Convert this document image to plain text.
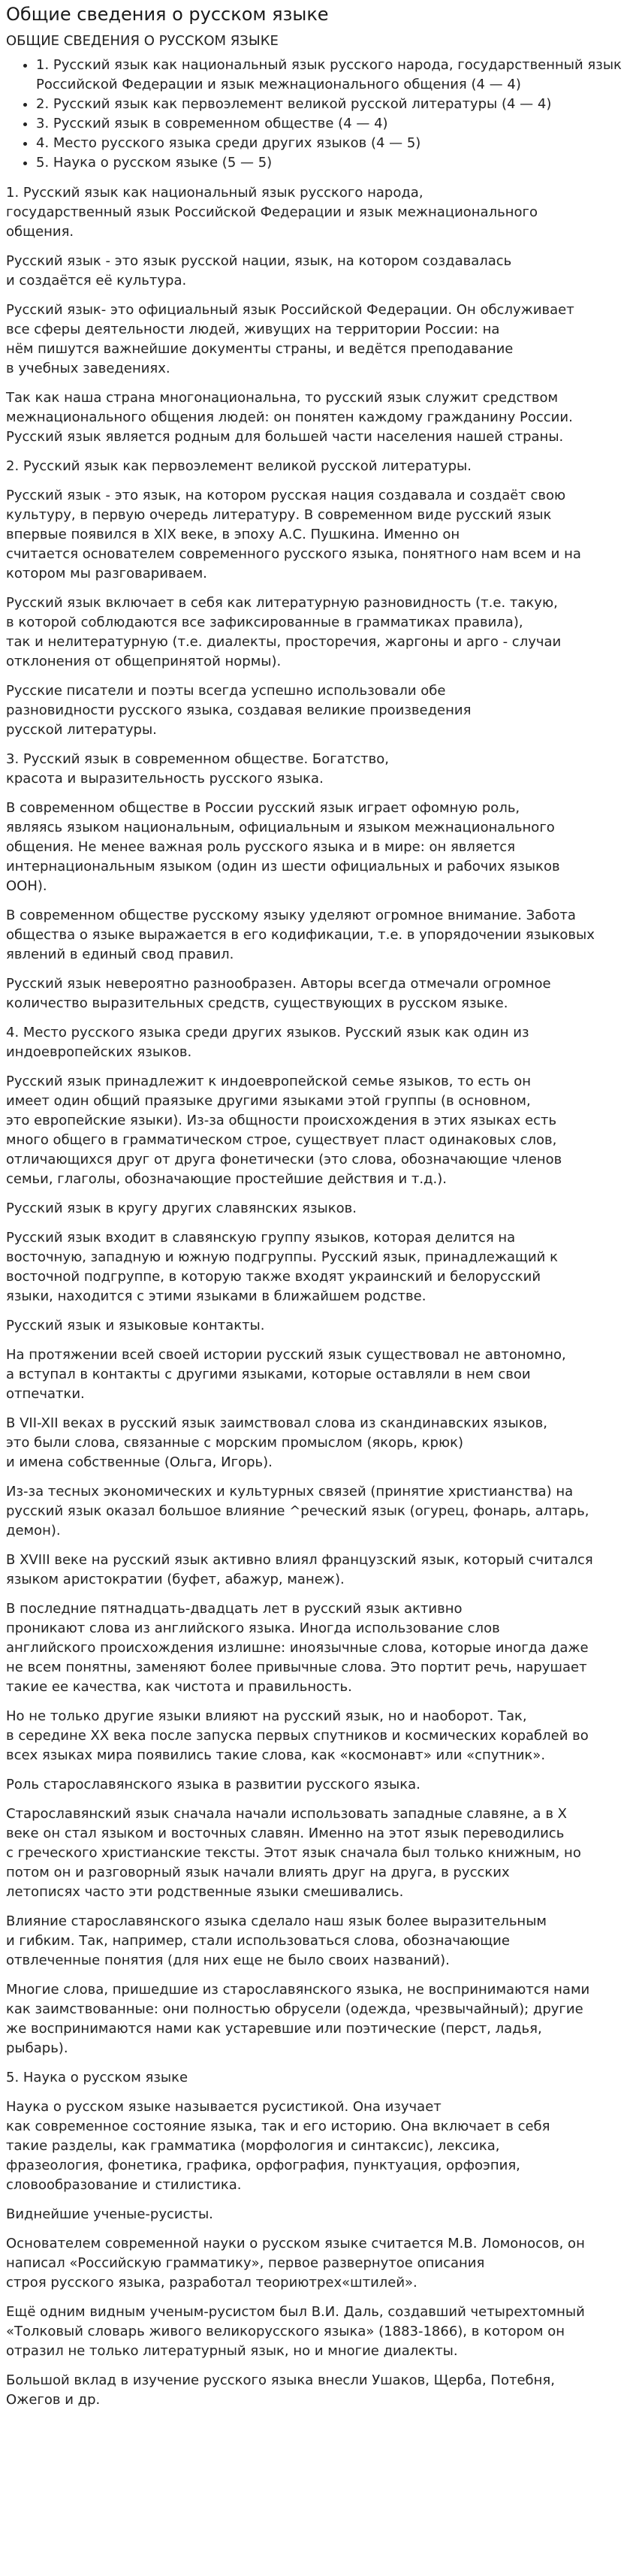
Общие сведения о русском языке
ОБЩИЕ СВЕДЕНИЯ О РУССКОМ ЯЗЫКЕ
• 1. Русский язык как национальный язык русского народа, государственный язык Российской Федерации и язык межнационального общения (4 — 4)
• 2. Русский язык как первоэлемент великой русской литературы (4 — 4)
• 3. Русский язык в современном обществе (4 — 4)
• 4. Место русского языка среди других языков (4 — 5)
• 5. Наука о русском языке (5 — 5)

1. Русский язык как национальный язык русского народа,
государственный язык Российской Федерации и язык межнационального
общения.

Русский язык - это язык русской нации, язык, на котором создавалась
и создаётся её культура.

Русский язык- это официальный язык Российской Федерации. Он обслуживает
все сферы деятельности людей, живущих на территории России: на
нём пишутся важнейшие документы страны, и ведётся преподавание
в учебных заведениях.

Так как наша страна многонациональна, то русский язык служит средством
межнационального общения людей: он понятен каждому гражданину России.
Русский язык является родным для большей части населения нашей страны.

2. Русский язык как первоэлемент великой русской литературы.

Русский язык - это язык, на котором русская нация создавала и создаёт свою
культуру, в первую очередь литературу. В современном виде русский язык
впервые появился в XIX веке, в эпоху А.С. Пушкина. Именно он
считается основателем современного русского языка, понятного нам всем и на
котором мы разговариваем.

Русский язык включает в себя как литературную разновидность (т.е. такую,
в которой соблюдаются все зафиксированные в грамматиках правила),
так и нелитературную (т.е. диалекты, просторечия, жаргоны и арго - случаи
отклонения от общепринятой нормы).

Русские писатели и поэты всегда успешно использовали обе
разновидности русского языка, создавая великие произведения
русской литературы.

3. Русский язык в современном обществе. Богатство,
красота и выразительность русского языка.

В современном обществе в России русский язык играет офомную роль,
являясь языком национальным, официальным и языком межнационального
общения. Не менее важная роль русского языка и в мире: он является
интернациональным языком (один из шести официальных и рабочих языков
ООН).

В современном обществе русскому языку уделяют огромное внимание. Забота
общества о языке выражается в его кодификации, т.е. в упорядочении языковых
явлений в единый свод правил.

Русский язык невероятно разнообразен. Авторы всегда отмечали огромное
количество выразительных средств, существующих в русском языке.

4. Место русского языка среди других языков. Русский язык как один из
индоевропейских языков.

Русский язык принадлежит к индоевропейской семье языков, то есть он
имеет один общий праязыке другими языками этой группы (в основном,
это европейские языки). Из-за общности происхождения в этих языках есть
много общего в грамматическом строе, существует пласт одинаковых слов,
отличающихся друг от друга фонетически (это слова, обозначающие членов
семьи, глаголы, обозначающие простейшие действия и т.д.).

Русский язык в кругу других славянских языков.

Русский язык входит в славянскую группу языков, которая делится на
восточную, западную и южную подгруппы. Русский язык, принадлежащий к
восточной подгруппе, в которую также входят украинский и белорусский
языки, находится с этими языками в ближайшем родстве.

Русский язык и языковые контакты.

На протяжении всей своей истории русский язык существовал не автономно,
а вступал в контакты с другими языками, которые оставляли в нем свои
отпечатки.

В VII-XII веках в русский язык заимствовал слова из скандинавских языков,
это были слова, связанные с морским промыслом (якорь, крюк)
и имена собственные (Ольга, Игорь).

Из-за тесных экономических и культурных связей (принятие христианства) на
русский язык оказал большое влияние ^реческий язык (огурец, фонарь, алтарь,
демон).

В XVIII веке на русский язык активно влиял французский язык, который считался
языком аристократии (буфет, абажур, манеж).

В последние пятнадцать-двадцать лет в русский язык активно
проникают слова из английского языка. Иногда использование слов
английского происхождения излишне: иноязычные слова, которые иногда даже
не всем понятны, заменяют более привычные слова. Это портит речь, нарушает
такие ее качества, как чистота и правильность.

Но не только другие языки влияют на русский язык, но и наоборот. Так,
в середине XX века после запуска первых спутников и космических кораблей во
всех языках мира появились такие слова, как «космонавт» или «спутник».

Роль старославянского языка в развитии русского языка.

Старославянский язык сначала начали использовать западные славяне, а в X
веке он стал языком и восточных славян. Именно на этот язык переводились
с греческого христианские тексты. Этот язык сначала был только книжным, но
потом он и разговорный язык начали влиять друг на друга, в русских
летописях часто эти родственные языки смешивались.

Влияние старославянского языка сделало наш язык более выразительным
и гибким. Так, например, стали использоваться слова, обозначающие
отвлеченные понятия (для них еще не было своих названий).

Многие слова, пришедшие из старославянского языка, не воспринимаются нами
как заимствованные: они полностью обрусели (одежда, чрезвычайный); другие
же воспринимаются нами как устаревшие или поэтические (перст, ладья,
рыбарь).

5. Наука о русском языке

Наука о русском языке называется русистикой. Она изучает
как современное состояние языка, так и его историю. Она включает в себя
такие разделы, как грамматика (морфология и синтаксис), лексика,
фразеология, фонетика, графика, орфография, пунктуация, орфоэпия,
словообразование и стилистика.

Виднейшие ученые-русисты.

Основателем современной науки о русском языке считается М.В. Ломоносов, он
написал «Российскую грамматику», первое развернутое описания
строя русского языка, разработал теориютрех«штилей».

Ещё одним видным ученым-русистом был В.И. Даль, создавший четырехтомный
«Толковый словарь живого великорусского языка» (1883-1866), в котором он
отразил не только литературный язык, но и многие диалекты.

Большой вклад в изучение русского языка внесли Ушаков, Щерба, Потебня,
Ожегов и др.
